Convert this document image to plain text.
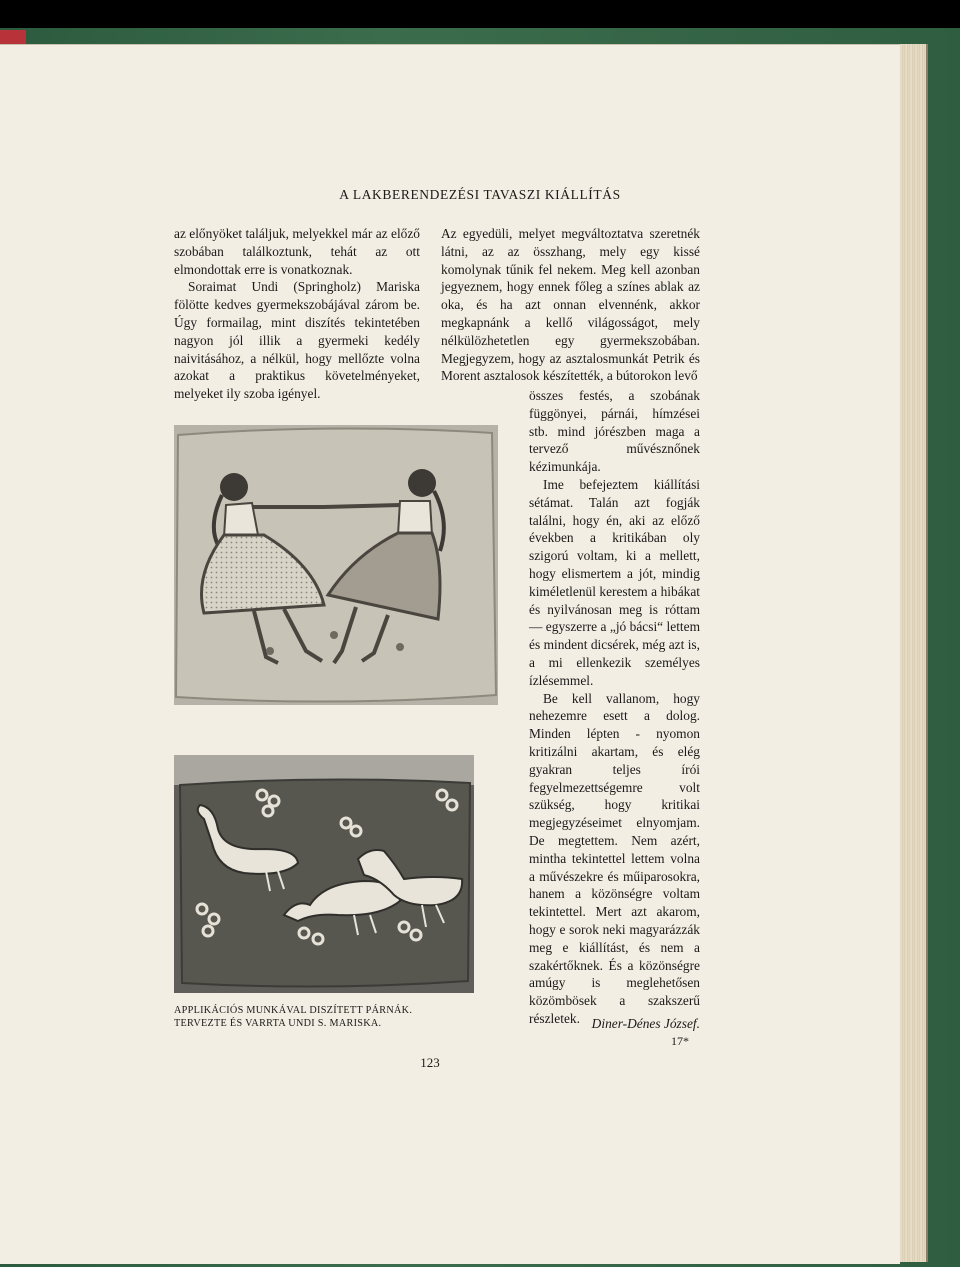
A LAKBERENDEZÉSI TAVASZI KIÁLLÍTÁS

az előnyöket találjuk, melyekkel már az előző szobában találkoztunk, tehát az ott elmondottak erre is vonatkoznak.

Soraimat Undi (Springholz) Mariska fölötte kedves gyermekszobájával zárom be. Úgy formailag, mint diszítés tekintetében nagyon jól illik a gyermeki kedély naivitásához, a nélkül, hogy mellőzte volna azokat a praktikus követelményeket, melyeket ily szoba igényel.

Az egyedüli, melyet megváltoztatva szeretnék látni, az az összhang, mely egy kissé komolynak tűnik fel nekem. Meg kell azonban jegyeznem, hogy ennek főleg a színes ablak az oka, és ha azt onnan elvennénk, akkor megkapnánk a kellő világosságot, mely nélkülözhetetlen egy gyermekszobában. Megjegyzem, hogy az asztalosmunkát Petrik és Morent asztalosok készítették, a bútorokon levő

összes festés, a szobának függönyei, párnái, hímzései stb. mind jórészben maga a tervező művésznőnek kézimunkája.

Ime befejeztem kiállítási sétámat. Talán azt fogják találni, hogy én, aki az előző években a kritikában oly szigorú voltam, ki a mellett, hogy elismertem a jót, mindig kiméletlenül kerestem a hibákat és nyilvánosan meg is róttam — egyszerre a „jó bácsi“ lettem és mindent dicsérek, még azt is, a mi ellenkezik személyes ízlésemmel.

Be kell vallanom, hogy nehezemre esett a dolog. Minden lépten - nyomon kritizálni akartam, és elég gyakran teljes írói fegyelmezettségemre volt szükség, hogy kritikai megjegyzéseimet elnyomjam. De megtettem. Nem azért, mintha tekintettel lettem volna a művészekre és műiparosokra, hanem a közönségre voltam tekintettel. Mert azt akarom, hogy e sorok neki magyarázzák meg e kiállítást, és nem a szakértőknek. És a közönségre amúgy is meglehetősen közömbösek a szakszerű részletek.

APPLIKÁCIÓS MUNKÁVAL DISZÍTETT PÁRNÁK.
TERVEZTE ÉS VARRTA UNDI S. MARISKA.	Diner-Dénes József.
17*
123
